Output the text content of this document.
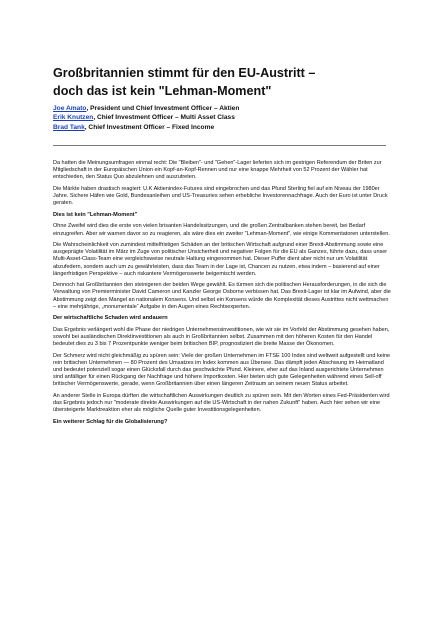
Großbritannien stimmt für den EU-Austritt –
doch das ist kein "Lehman-Moment"
Joe Amato, President und Chief Investment Officer – Aktien
Erik Knutzen, Chief Investment Officer – Multi Asset Class
Brad Tank, Chief Investment Officer – Fixed Income

Da hatten die Meinungsumfragen einmal recht: Die "Bleiben"- und "Gehen"-Lager lieferten sich im gestrigen Referendum der Briten zur Mitgliedschaft in der Europäischen Union ein Kopf-an-Kopf-Rennen und nur eine knappe Mehrheit von 52 Prozent der Wähler hat entschieden, den Status Quo abzulehnen und auszutreten.

Die Märkte haben drastisch reagiert: U.K Aktienindex-Futures sind eingebrochen und das Pfund Sterling fiel auf ein Niveau der 1980er Jahre. Sichere Häfen wie Gold, Bundesanleihen und US-Treasuries sehen erhebliche Investorennachfrage. Auch der Euro ist unter Druck geraten.

Dies ist kein "Lehman-Moment"

Ohne Zweifel wird dies die erste von vielen brisanten Handelssitzungen, und die großen Zentralbanken stehen bereit, bei Bedarf einzugreifen. Aber wir warnen davor so zu reagieren, als wäre dies ein zweiter "Lehman-Moment", wie einige Kommentatoren unterstellen.

Die Wahrscheinlichkeit von zumindest mittelfristigen Schäden an der britischen Wirtschaft aufgrund einer Brexit-Abstimmung sowie eine ausgeprägte Volatilität im März im Zuge von politischer Unsicherheit und negativer Folgen für die EU als Ganzes, führte dazu, dass unser Multi-Asset-Class-Team eine vergleichsweise neutrale Haltung eingenommen hat. Dieser Puffer dient aber nicht nur um Volatilität abzufedern, sondern auch um zu gewährleisten, dass das Team in der Lage ist, Chancen zu nutzen, etwa indem – basierend auf einer längerfristigen Perspektive – auch riskantere Vermögenswerte beigemischt werden.

Dennoch hat Großbritannien den steinigeren der beiden Wege gewählt. Es türmen sich die politischen Herausforderungen, in die sich die Verwaltung von Premierminister David Cameron und Kanzler George Osborne verbissen hat. Das Brexit-Lager ist klar im Aufwind, aber die Abstimmung zeigt den Mangel an nationalem Konsens. Und selbst ein Konsens würde die Komplexität dieses Austrittes nicht wettmachen – eine mehrjährige, „monumentale“ Aufgabe in den Augen eines Rechtsexperten.

Der wirtschaftliche Schaden wird andauern

Das Ergebnis verlängert wohl die Phase der niedrigen Unternehmensinvestitionen, wie wir sie im Vorfeld der Abstimmung gesehen haben, sowohl bei ausländischen Direktinvestitionen als auch in Großbritannien selbst. Zusammen mit den höheren Kosten für den Handel bedeutet dies zu 3 bis 7 Prozentpunkte weniger beim britischen BIP, prognostiziert die breite Masse der Ökonomen.

Der Schmerz wird nicht gleichmäßig zu spüren sein: Viele der großen Unternehmen im FTSE 100 Index sind weltweit aufgestellt und keine rein britischen Unternehmen — 80 Prozent des Umsatzes im Index kommen aus Übersee. Das dämpft jeden Abschwung im Heimatland und bedeutet potenziell sogar einen Glücksfall durch das geschwächte Pfund. Kleinere, eher auf das Inland ausgerichtete Unternehmen sind anfälliger für einen Rückgang der Nachfrage und höhere Importkosten. Hier bieten sich gute Gelegenheiten während eines Sell-off britischer Vermögenswerte, gerade, wenn Großbritannien über einen längeren Zeitraum an seinem neuen Status arbeitet.

An anderer Stelle in Europa dürften die wirtschaftlichen Auswirkungen deutlich zu spüren sein. Mit den Worten eines Fed-Präsidenten wird das Ergebnis jedoch nur "moderate direkte Auswirkungen auf die US-Wirtschaft in der nahen Zukunft" haben. Auch hier sehen wir eine übersteigerte Marktreaktion eher als mögliche Quelle guter Investitionsgelegenheiten.

Ein weiterer Schlag für die Globalisierung?
